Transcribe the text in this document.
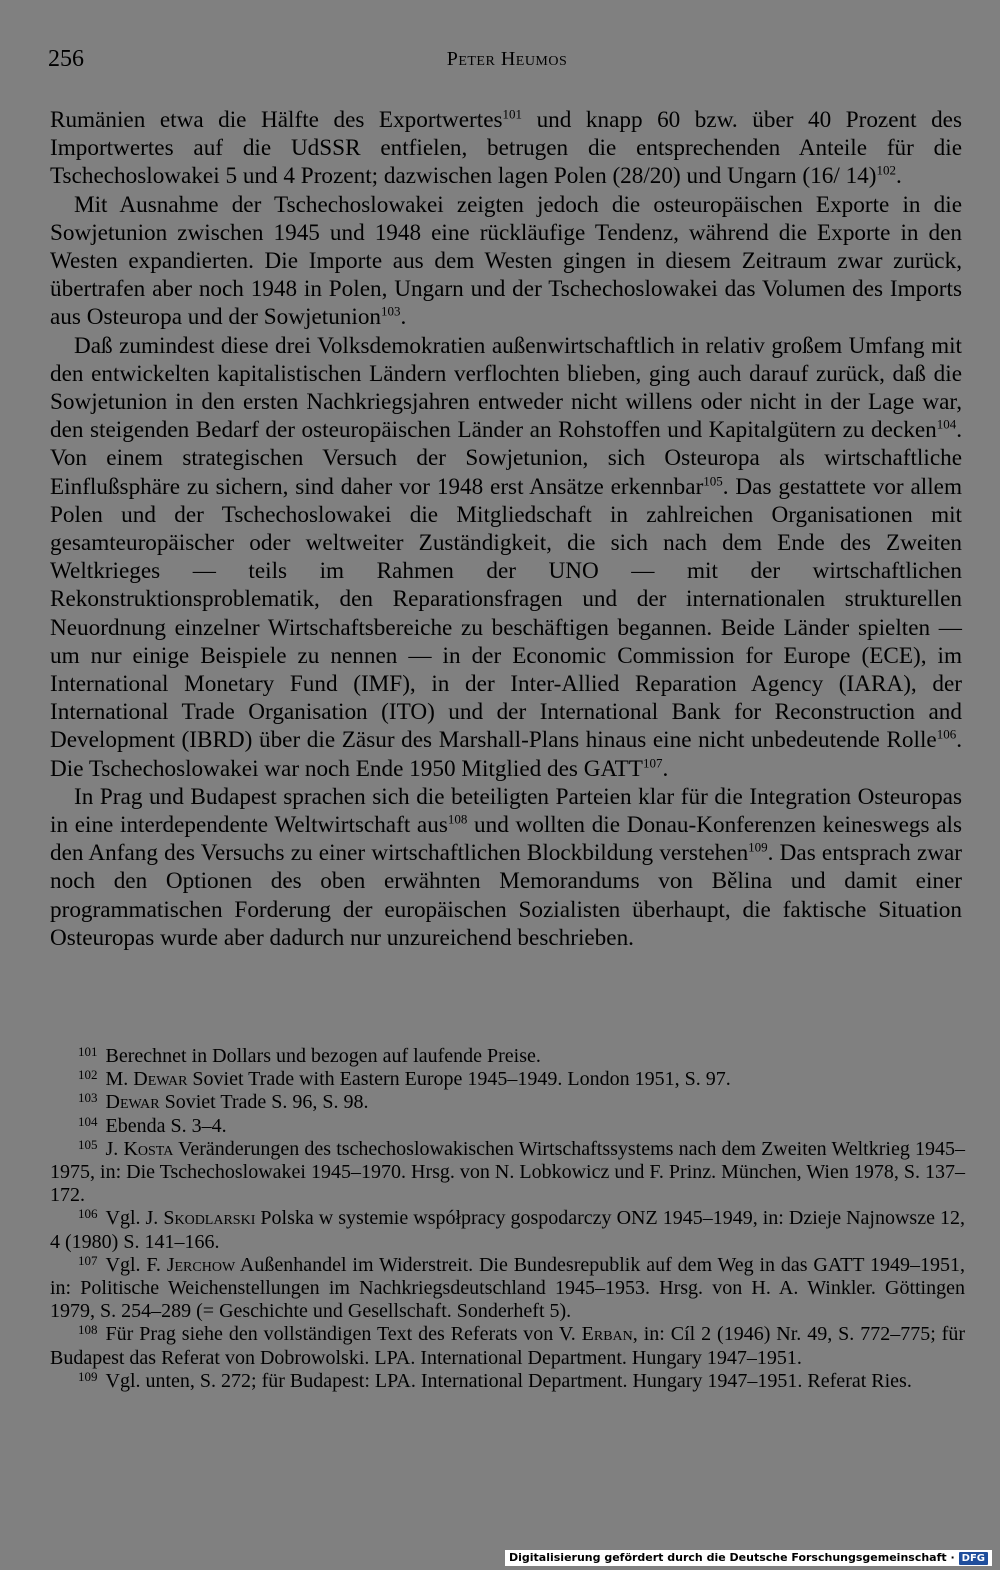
256	Peter Heumos

Rumänien etwa die Hälfte des Exportwertes$^{101}$ und knapp 60 bzw. über 40 Prozent des Importwertes auf die UdSSR entfielen, betrugen die entsprechenden Anteile für die Tschechoslowakei 5 und 4 Prozent; dazwischen lagen Polen (28/20) und Ungarn (16/ 14)$^{102}$.

Mit Ausnahme der Tschechoslowakei zeigten jedoch die osteuropäischen Exporte in die Sowjetunion zwischen 1945 und 1948 eine rückläufige Tendenz, während die Exporte in den Westen expandierten. Die Importe aus dem Westen gingen in diesem Zeitraum zwar zurück, übertrafen aber noch 1948 in Polen, Ungarn und der Tschechoslowakei das Volumen des Imports aus Osteuropa und der Sowjetunion$^{103}$.

Daß zumindest diese drei Volksdemokratien außenwirtschaftlich in relativ großem Umfang mit den entwickelten kapitalistischen Ländern verflochten blieben, ging auch darauf zurück, daß die Sowjetunion in den ersten Nachkriegsjahren entweder nicht willens oder nicht in der Lage war, den steigenden Bedarf der osteuropäischen Länder an Rohstoffen und Kapitalgütern zu decken$^{104}$. Von einem strategischen Versuch der Sowjetunion, sich Osteuropa als wirtschaftliche Einflußsphäre zu sichern, sind daher vor 1948 erst Ansätze erkennbar$^{105}$. Das gestattete vor allem Polen und der Tschechoslowakei die Mitgliedschaft in zahlreichen Organisationen mit gesamteuropäischer oder weltweiter Zuständigkeit, die sich nach dem Ende des Zweiten Weltkrieges — teils im Rahmen der UNO — mit der wirtschaftlichen Rekonstruktionsproblematik, den Reparationsfragen und der internationalen strukturellen Neuordnung einzelner Wirtschaftsbereiche zu beschäftigen begannen. Beide Länder spielten — um nur einige Beispiele zu nennen — in der Economic Commission for Europe (ECE), im International Monetary Fund (IMF), in der Inter-Allied Reparation Agency (IARA), der International Trade Organisation (ITO) und der International Bank for Reconstruction and Development (IBRD) über die Zäsur des Marshall-Plans hinaus eine nicht unbedeutende Rolle$^{106}$. Die Tschechoslowakei war noch Ende 1950 Mitglied des GATT$^{107}$.

In Prag und Budapest sprachen sich die beteiligten Parteien klar für die Integration Osteuropas in eine interdependente Weltwirtschaft aus$^{108}$ und wollten die Donau-Konferenzen keineswegs als den Anfang des Versuchs zu einer wirtschaftlichen Blockbildung verstehen$^{109}$. Das entsprach zwar noch den Optionen des oben erwähnten Memorandums von Bělina und damit einer programmatischen Forderung der europäischen Sozialisten überhaupt, die faktische Situation Osteuropas wurde aber dadurch nur unzureichend beschrieben.

$^{101}$ Berechnet in Dollars und bezogen auf laufende Preise.

$^{102}$ M. Dewar Soviet Trade with Eastern Europe 1945–1949. London 1951, S. 97.

$^{103}$ Dewar Soviet Trade S. 96, S. 98.

$^{104}$ Ebenda S. 3–4.

$^{105}$ J. Kosta Veränderungen des tschechoslowakischen Wirtschaftssystems nach dem Zweiten Weltkrieg 1945–1975, in: Die Tschechoslowakei 1945–1970. Hrsg. von N. Lobkowicz und F. Prinz. München, Wien 1978, S. 137–172.

$^{106}$ Vgl. J. Skodlarski Polska w systemie współpracy gospodarczy ONZ 1945–1949, in: Dzieje Najnowsze 12, 4 (1980) S. 141–166.

$^{107}$ Vgl. F. Jerchow Außenhandel im Widerstreit. Die Bundesrepublik auf dem Weg in das GATT 1949–1951, in: Politische Weichenstellungen im Nachkriegsdeutschland 1945–1953. Hrsg. von H. A. Winkler. Göttingen 1979, S. 254–289 (= Geschichte und Gesellschaft. Sonderheft 5).

$^{108}$ Für Prag siehe den vollständigen Text des Referats von V. Erban, in: Cíl 2 (1946) Nr. 49, S. 772–775; für Budapest das Referat von Dobrowolski. LPA. International Department. Hungary 1947–1951.

$^{109}$ Vgl. unten, S. 272; für Budapest: LPA. International Department. Hungary 1947–1951. Referat Ries.

Digitalisierung gefördert durch die Deutsche Forschungsgemeinschaft · DFG
